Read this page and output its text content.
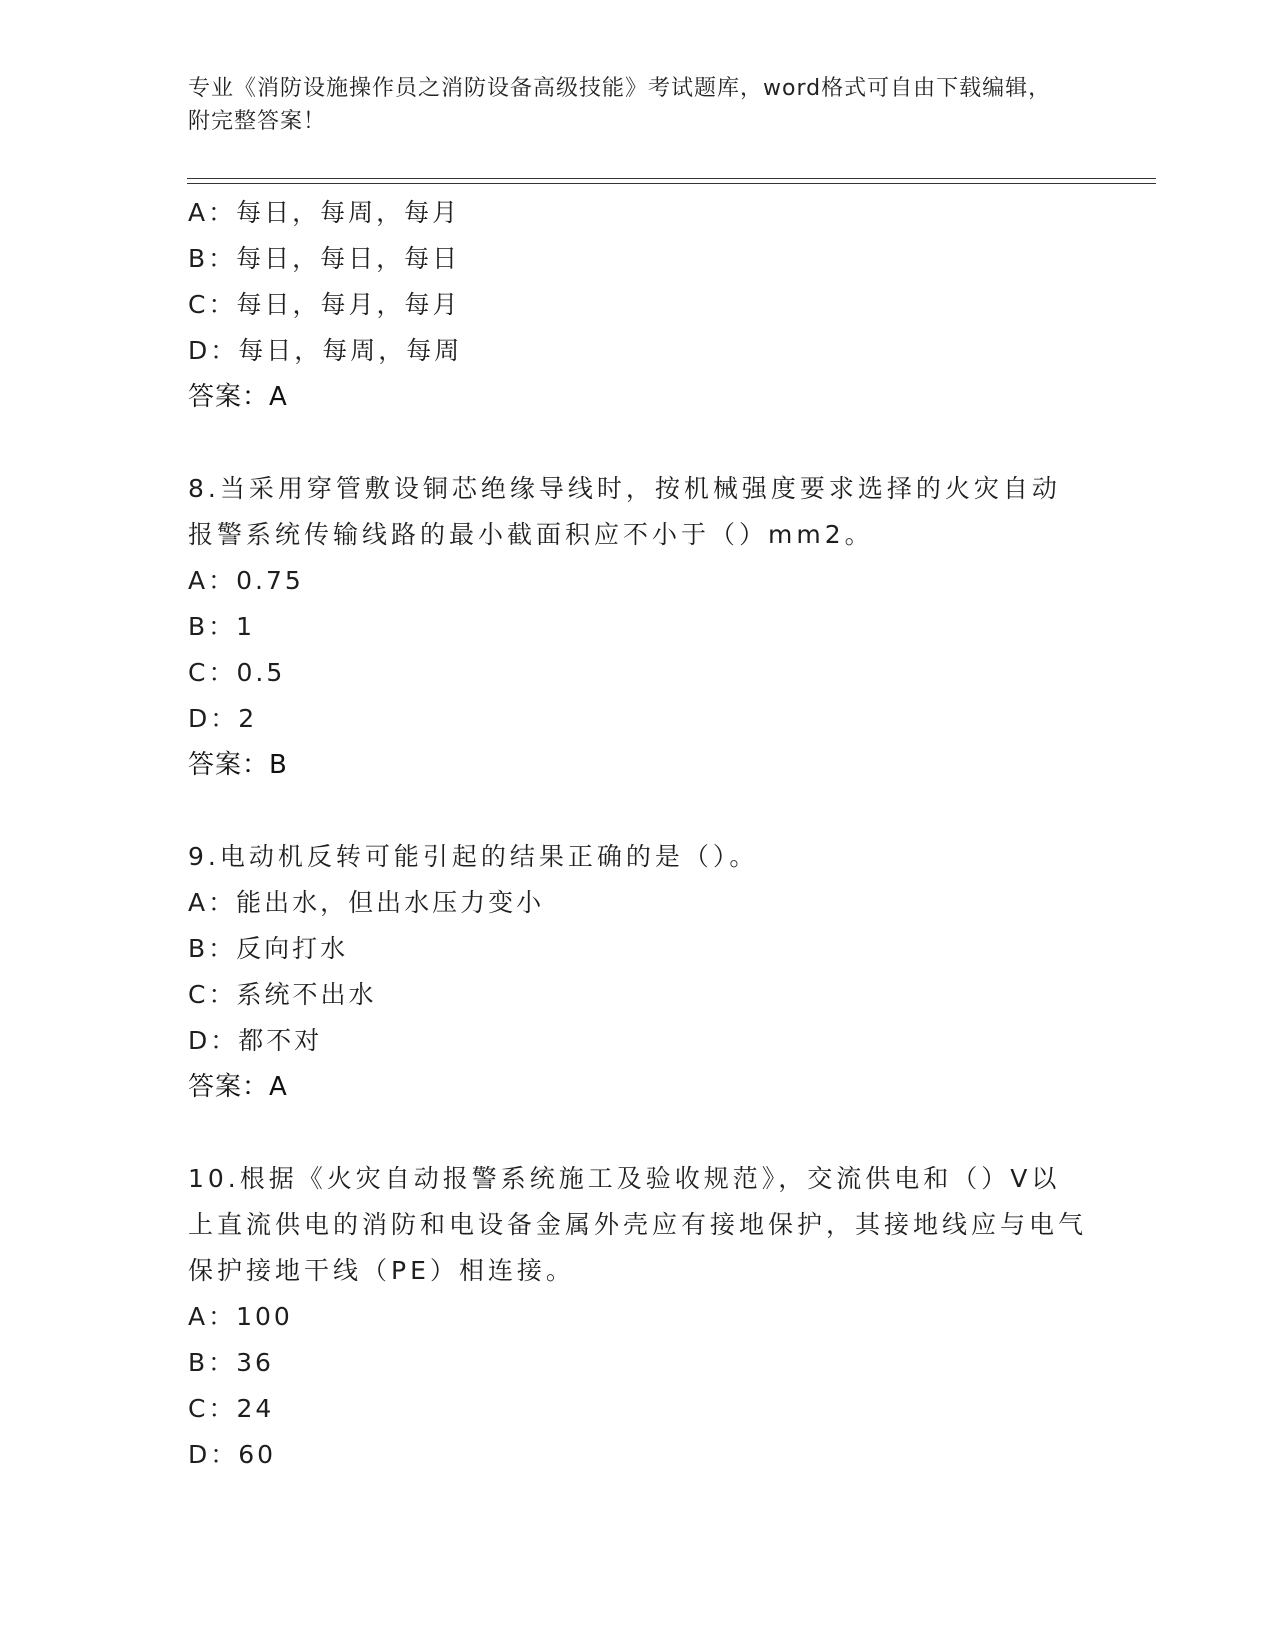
专业《消防设施操作员之消防设备高级技能》考试题库，word格式可自由下载编辑，附完整答案！
A：每日，每周，每月
B：每日，每日，每日
C：每日，每月，每月
D：每日，每周，每周
答案：A
8.当采用穿管敷设铜芯绝缘导线时，按机械强度要求选择的火灾自动报警系统传输线路的最小截面积应不小于（）mm2。
A：0.75
B：1
C：0.5
D：2
答案：B
9.电动机反转可能引起的结果正确的是（）。
A：能出水，但出水压力变小
B：反向打水
C：系统不出水
D：都不对
答案：A
10.根据《火灾自动报警系统施工及验收规范》，交流供电和（）V以上直流供电的消防和电设备金属外壳应有接地保护，其接地线应与电气保护接地干线（PE）相连接。
A：100
B：36
C：24
D：60
